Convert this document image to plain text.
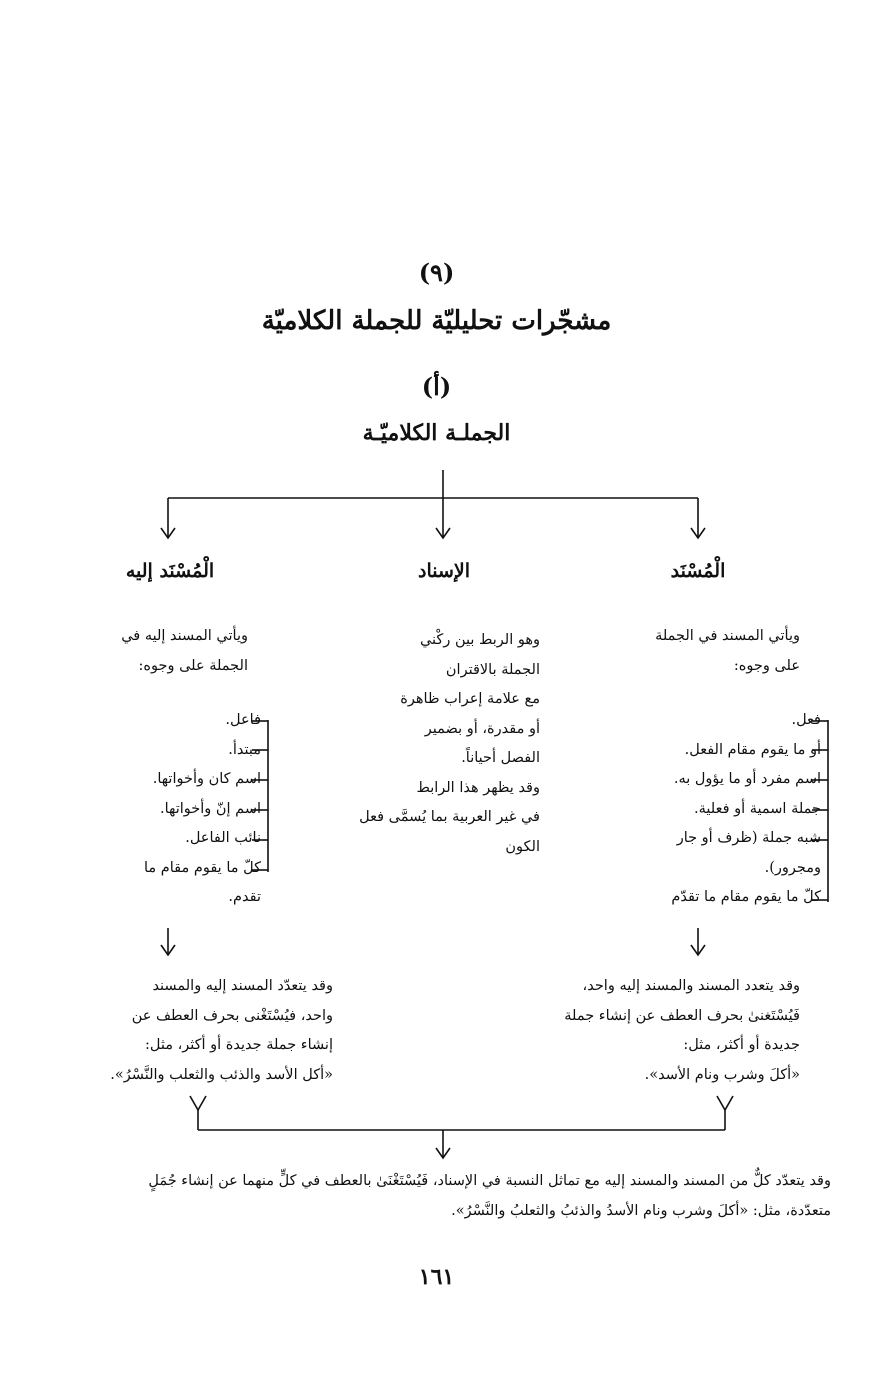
(٩)
مشجّرات تحليليّة للجملة الكلاميّة
(أ)
الجملـة الكلاميّـة
الْمُسْنَد
الإسناد
الْمُسْنَد إليه
ويأتي المسند في الجملة
على وجوه:
فعل.
أو ما يقوم مقام الفعل.
اسم مفرد أو ما يؤول به.
جملة اسمية أو فعلية.
شبه جملة (ظرف أو جار
ومجرور).
كلّ ما يقوم مقام ما تقدّم
وقد يتعدد المسند والمسند إليه واحد،
فَيُسْتَغنىٰ بحرف العطف عن إنشاء جملة
جديدة أو أكثر، مثل:
«أكلَ وشرب ونام الأسد».
وهو الربط بين ركْني
الجملة بالاقتران
مع علامة إعراب ظاهرة
أو مقدرة، أو بضمير
الفصل أحياناً.
وقد يظهر هذا الرابط
في غير العربية بما يُسمَّى فعل
الكون
ويأتي المسند إليه في
الجملة على وجوه:
فاعل.
مبتدأ.
اسم كان وأخواتها.
اسم إنّ وأخواتها.
نائب الفاعل.
كلّ ما يقوم مقام ما
تقدم.
وقد يتعدّد المسند إليه والمسند
واحد، فيُسْتَغْنى بحرف العطف عن
إنشاء جملة جديدة أو أكثر، مثل:
«أكل الأسد والذئب والثعلب والنَّسْرُ».
وقد يتعدّد كلٌّ من المسند والمسند إليه مع تماثل النسبة في الإسناد، فَيُسْتَغْنَىٰ بالعطف في كلٍّ منهما عن إنشاء جُمَلٍ
متعدّدة، مثل: «أكلَ وشرب ونام الأسدُ والذئبُ والثعلبُ والنَّسْرُ».
١٦١
